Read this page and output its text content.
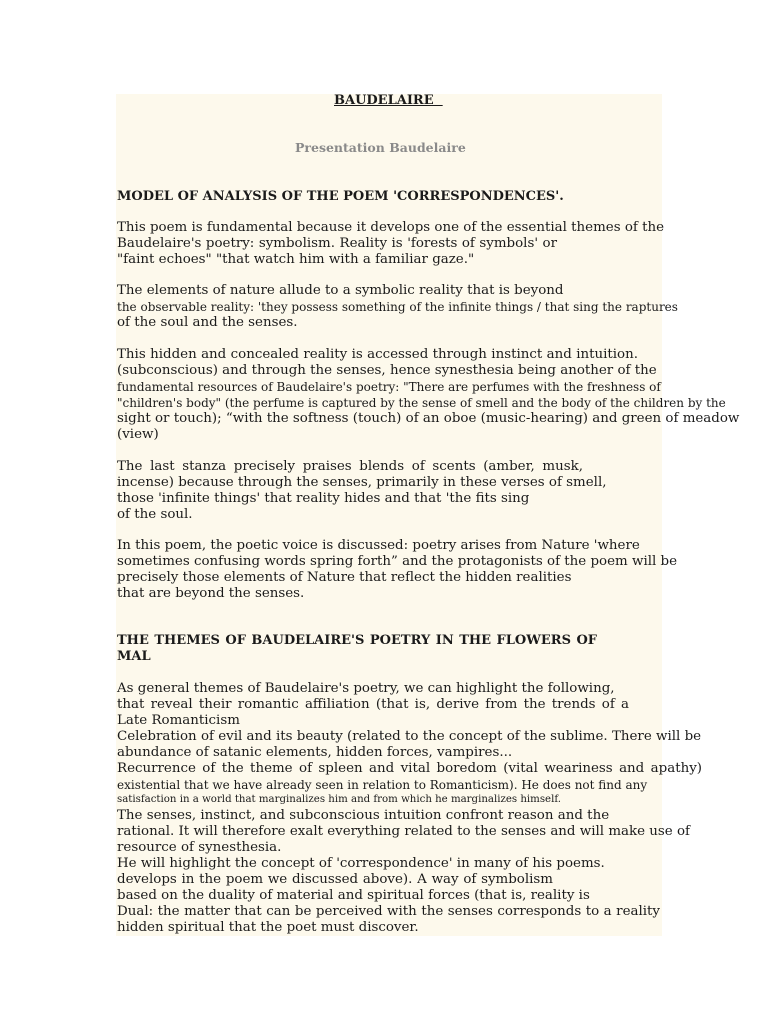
BAUDELAIRE
Presentation Baudelaire
MODEL OF ANALYSIS OF THE POEM 'CORRESPONDENCES'.
This poem is fundamental because it develops one of the essential themes of the
Baudelaire's poetry: symbolism. Reality is 'forests of symbols' or
"faint echoes" "that watch him with a familiar gaze."
The elements of nature allude to a symbolic reality that is beyond
the observable reality: 'they possess something of the infinite things / that sing the raptures
of the soul and the senses.
This hidden and concealed reality is accessed through instinct and intuition.
(subconscious) and through the senses, hence synesthesia being another of the
fundamental resources of Baudelaire's poetry: "There are perfumes with the freshness of
"children's body" (the perfume is captured by the sense of smell and the body of the children by the
sight or touch); “with the softness (touch) of an oboe (music-hearing) and green of meadow
(view)
The last stanza precisely praises blends of scents (amber, musk,
incense) because through the senses, primarily in these verses of smell,
those 'infinite things' that reality hides and that 'the fits sing
of the soul.
In this poem, the poetic voice is discussed: poetry arises from Nature 'where
sometimes confusing words spring forth” and the protagonists of the poem will be
precisely those elements of Nature that reflect the hidden realities
that are beyond the senses.
THE THEMES OF BAUDELAIRE'S POETRY IN THE FLOWERS OF
MAL
As general themes of Baudelaire's poetry, we can highlight the following,
that reveal their romantic affiliation (that is, derive from the trends of a
Late Romanticism
Celebration of evil and its beauty (related to the concept of the sublime. There will be
abundance of satanic elements, hidden forces, vampires...
Recurrence of the theme of spleen and vital boredom (vital weariness and apathy)
existential that we have already seen in relation to Romanticism). He does not find any
satisfaction in a world that marginalizes him and from which he marginalizes himself.
The senses, instinct, and subconscious intuition confront reason and the
rational. It will therefore exalt everything related to the senses and will make use of
resource of synesthesia.
He will highlight the concept of 'correspondence' in many of his poems.
develops in the poem we discussed above). A way of symbolism
based on the duality of material and spiritual forces (that is, reality is
Dual: the matter that can be perceived with the senses corresponds to a reality
hidden spiritual that the poet must discover.
